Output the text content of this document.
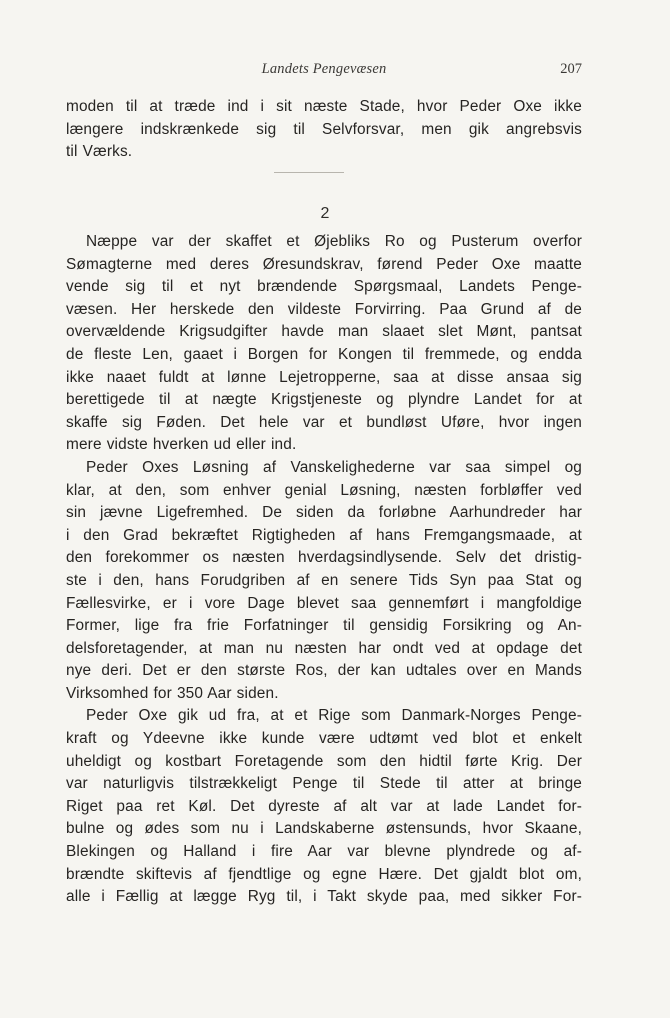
Landets Pengevæsen	207
moden til at træde ind i sit næste Stade, hvor Peder Oxe ikke
længere indskrænkede sig til Selvforsvar, men gik angrebsvis
til Værks.
2
Næppe var der skaffet et Øjebliks Ro og Pusterum overfor
Sømagterne med deres Øresundskrav, førend Peder Oxe maatte
vende sig til et nyt brændende Spørgsmaal, Landets Penge-
væsen. Her herskede den vildeste Forvirring. Paa Grund af de
overvældende Krigsudgifter havde man slaaet slet Mønt, pantsat
de fleste Len, gaaet i Borgen for Kongen til fremmede, og endda
ikke naaet fuldt at lønne Lejetropperne, saa at disse ansaa sig
berettigede til at nægte Krigstjeneste og plyndre Landet for at
skaffe sig Føden. Det hele var et bundløst Uføre, hvor ingen
mere vidste hverken ud eller ind.
Peder Oxes Løsning af Vanskelighederne var saa simpel og
klar, at den, som enhver genial Løsning, næsten forbløffer ved
sin jævne Ligefremhed. De siden da forløbne Aarhundreder har
i den Grad bekræftet Rigtigheden af hans Fremgangsmaade, at
den forekommer os næsten hverdagsindlysende. Selv det dristig-
ste i den, hans Forudgriben af en senere Tids Syn paa Stat og
Fællesvirke, er i vore Dage blevet saa gennemført i mangfoldige
Former, lige fra frie Forfatninger til gensidig Forsikring og An-
delsforetagender, at man nu næsten har ondt ved at opdage det
nye deri. Det er den største Ros, der kan udtales over en Mands
Virksomhed for 350 Aar siden.
Peder Oxe gik ud fra, at et Rige som Danmark-Norges Penge-
kraft og Ydeevne ikke kunde være udtømt ved blot et enkelt
uheldigt og kostbart Foretagende som den hidtil førte Krig. Der
var naturligvis tilstrækkeligt Penge til Stede til atter at bringe
Riget paa ret Køl. Det dyreste af alt var at lade Landet for-
bulne og ødes som nu i Landskaberne østensunds, hvor Skaane,
Blekingen og Halland i fire Aar var blevne plyndrede og af-
brændte skiftevis af fjendtlige og egne Hære. Det gjaldt blot om,
alle i Fællig at lægge Ryg til, i Takt skyde paa, med sikker For-
